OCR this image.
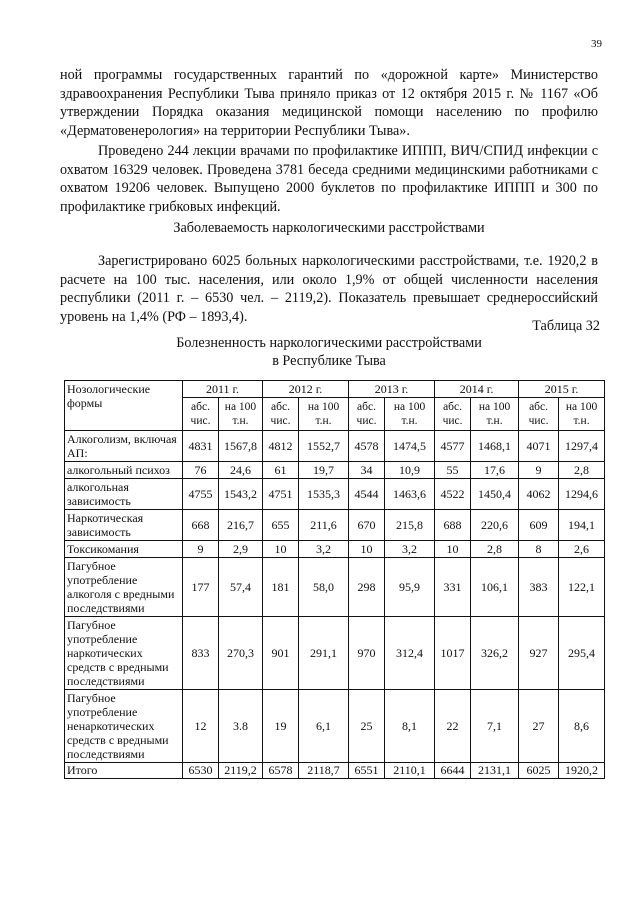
39
ной программы государственных гарантий по «дорожной карте» Министерство здравоохранения Республики Тыва приняло приказ от 12 октября 2015 г. № 1167 «Об утверждении Порядка оказания медицинской помощи населению по профилю «Дерматовенерология» на территории Республики Тыва».
Проведено 244 лекции врачами по профилактике ИППП, ВИЧ/СПИД инфекции с охватом 16329 человек. Проведена 3781 беседа средними медицинскими работниками с охватом 19206 человек. Выпущено 2000 буклетов по профилактике ИППП и 300 по профилактике грибковых инфекций.
Заболеваемость наркологическими расстройствами
Зарегистрировано 6025 больных наркологическими расстройствами, т.е. 1920,2 в расчете на 100 тыс. населения, или около 1,9% от общей численности населения республики (2011 г. – 6530 чел. – 2119,2). Показатель превышает среднероссийский уровень на 1,4% (РФ – 1893,4).
Таблица 32
Болезненность наркологическими расстройствами
в Республике Тыва
Нозологические формы	2011 г.		2012 г.		2013 г.		2014 г.		2015 г.	
	абс. чис.	на 100 т.н.	абс. чис.	на 100 т.н.	абс. чис.	на 100 т.н.	абс. чис.	на 100 т.н.	абс. чис.	на 100 т.н.
Алкоголизм, включая АП:	4831	1567,8	4812	1552,7	4578	1474,5	4577	1468,1	4071	1297,4
алкогольный психоз	76	24,6	61	19,7	34	10,9	55	17,6	9	2,8
алкогольная зависимость	4755	1543,2	4751	1535,3	4544	1463,6	4522	1450,4	4062	1294,6
Наркотическая зависимость	668	216,7	655	211,6	670	215,8	688	220,6	609	194,1
Токсикомания	9	2,9	10	3,2	10	3,2	10	2,8	8	2,6
Пагубное употребление алкоголя с вредными последствиями	177	57,4	181	58,0	298	95,9	331	106,1	383	122,1
Пагубное употребление наркотических средств с вредными последствиями	833	270,3	901	291,1	970	312,4	1017	326,2	927	295,4
Пагубное употребление ненаркотических средств с вредными последствиями	12	3.8	19	6,1	25	8,1	22	7,1	27	8,6
Итого	6530	2119,2	6578	2118,7	6551	2110,1	6644	2131,1	6025	1920,2
